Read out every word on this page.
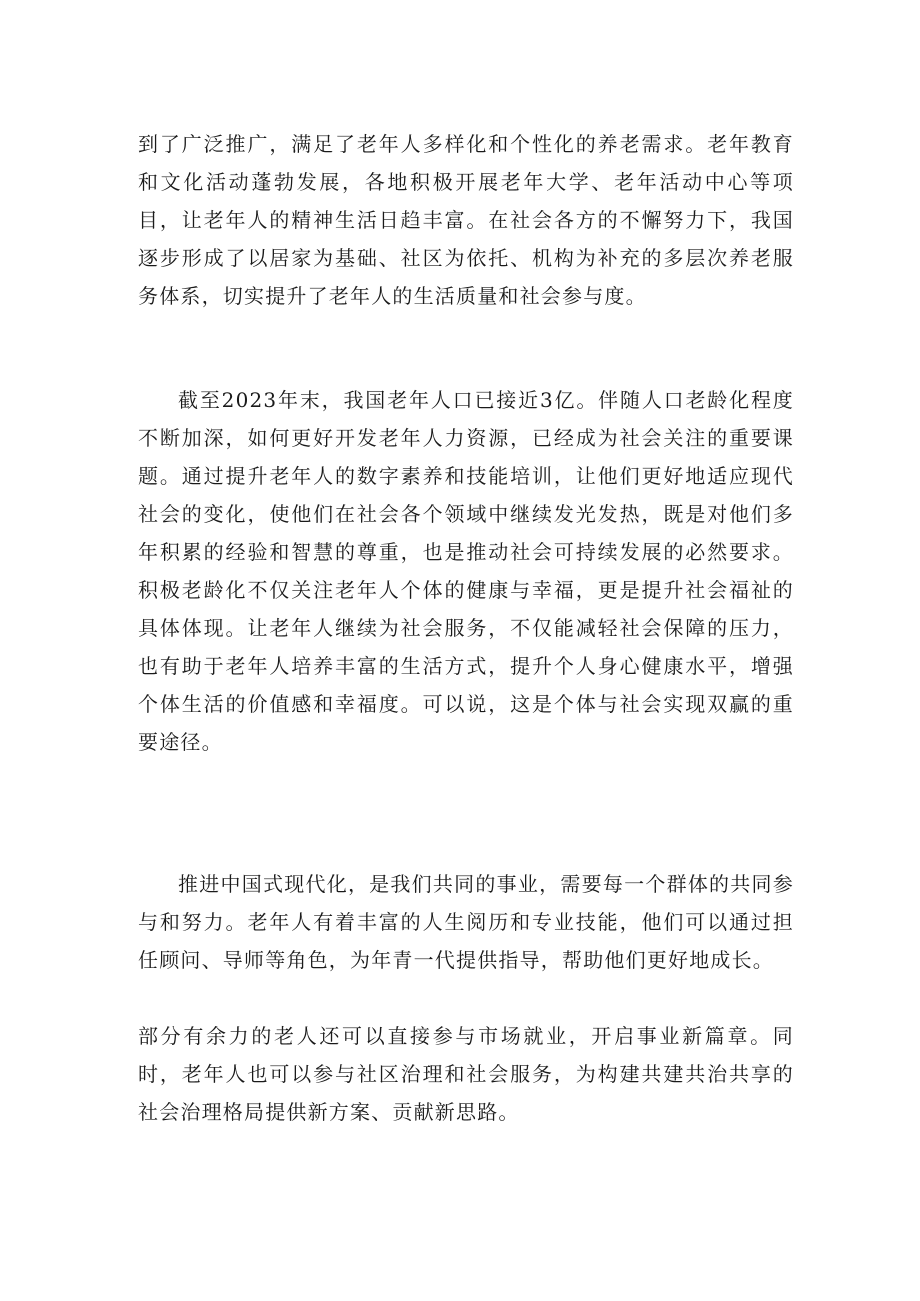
到了广泛推广，满足了老年人多样化和个性化的养老需求。老年教育和文化活动蓬勃发展，各地积极开展老年大学、老年活动中心等项目，让老年人的精神生活日趋丰富。在社会各方的不懈努力下，我国逐步形成了以居家为基础、社区为依托、机构为补充的多层次养老服务体系，切实提升了老年人的生活质量和社会参与度。

截至2023年末，我国老年人口已接近3亿。伴随人口老龄化程度不断加深，如何更好开发老年人力资源，已经成为社会关注的重要课题。通过提升老年人的数字素养和技能培训，让他们更好地适应现代社会的变化，使他们在社会各个领域中继续发光发热，既是对他们多年积累的经验和智慧的尊重，也是推动社会可持续发展的必然要求。积极老龄化不仅关注老年人个体的健康与幸福，更是提升社会福祉的具体体现。让老年人继续为社会服务，不仅能减轻社会保障的压力，也有助于老年人培养丰富的生活方式，提升个人身心健康水平，增强个体生活的价值感和幸福度。可以说，这是个体与社会实现双赢的重要途径。

推进中国式现代化，是我们共同的事业，需要每一个群体的共同参与和努力。老年人有着丰富的人生阅历和专业技能，他们可以通过担任顾问、导师等角色，为年青一代提供指导，帮助他们更好地成长。

部分有余力的老人还可以直接参与市场就业，开启事业新篇章。同时，老年人也可以参与社区治理和社会服务，为构建共建共治共享的社会治理格局提供新方案、贡献新思路。
